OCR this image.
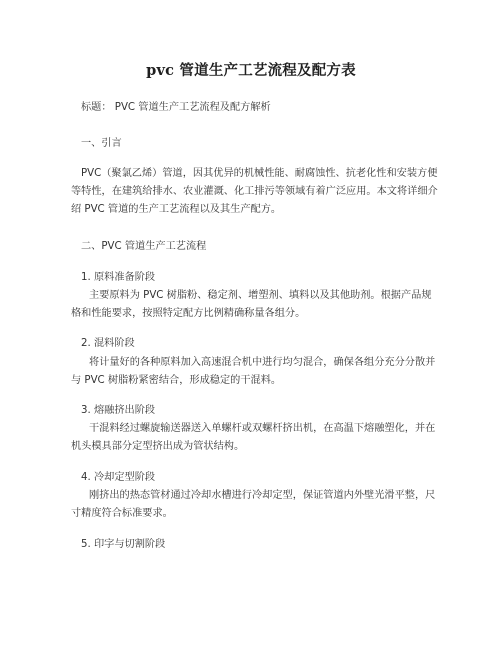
pvc 管道生产工艺流程及配方表
标题： PVC 管道生产工艺流程及配方解析
一、引言
PVC（聚氯乙烯）管道，因其优异的机械性能、耐腐蚀性、抗老化性和安装方便
等特性，在建筑给排水、农业灌溉、化工排污等领域有着广泛应用。本文将详细介
绍 PVC 管道的生产工艺流程以及其生产配方。
二、PVC 管道生产工艺流程
1. 原料准备阶段
主要原料为 PVC 树脂粉、稳定剂、增塑剂、填料以及其他助剂。根据产品规
格和性能要求，按照特定配方比例精确称量各组分。
2. 混料阶段
将计量好的各种原料加入高速混合机中进行均匀混合，确保各组分充分分散并
与 PVC 树脂粉紧密结合，形成稳定的干混料。
3. 熔融挤出阶段
干混料经过螺旋输送器送入单螺杆或双螺杆挤出机，在高温下熔融塑化，并在
机头模具部分定型挤出成为管状结构。
4. 冷却定型阶段
刚挤出的热态管材通过冷却水槽进行冷却定型，保证管道内外壁光滑平整，尺
寸精度符合标准要求。
5. 印字与切割阶段
